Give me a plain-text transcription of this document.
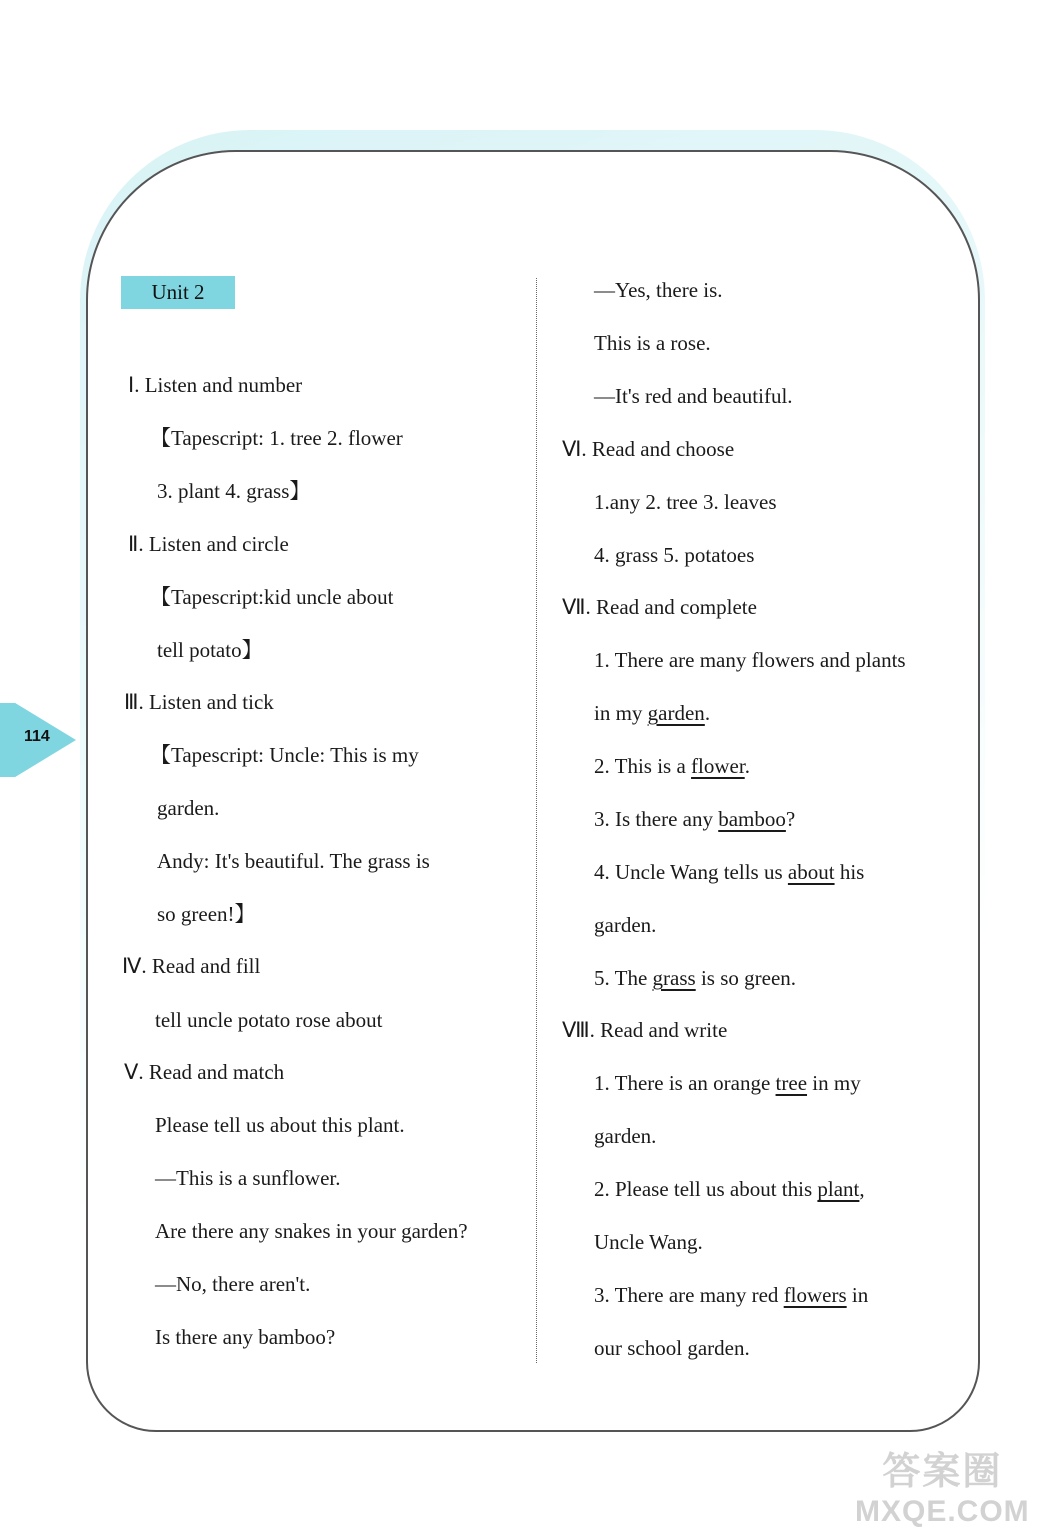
114
Unit 2
Ⅰ. Listen and number
【Tapescript: 1. tree 2. flower
3. plant 4. grass】
Ⅱ. Listen and circle
【Tapescript:kid uncle about
tell potato】
Ⅲ. Listen and tick
【Tapescript: Uncle: This is my
garden.
Andy: It's beautiful. The grass is
so green!】
Ⅳ. Read and fill
tell uncle potato rose about
Ⅴ. Read and match
Please tell us about this plant.
—This is a sunflower.
Are there any snakes in your garden?
—No, there aren't.
Is there any bamboo?
—Yes, there is.
This is a rose.
—It's red and beautiful.
Ⅵ. Read and choose
1.any 2. tree 3. leaves
4. grass 5. potatoes
Ⅶ. Read and complete
1. There are many flowers and plants
in my garden.
2. This is a flower.
3. Is there any bamboo?
4. Uncle Wang tells us about his
garden.
5. The grass is so green.
Ⅷ. Read and write
1. There is an orange tree in my
garden.
2. Please tell us about this plant,
Uncle Wang.
3. There are many red flowers in
our school garden.
答案圈
MXQE.COM
